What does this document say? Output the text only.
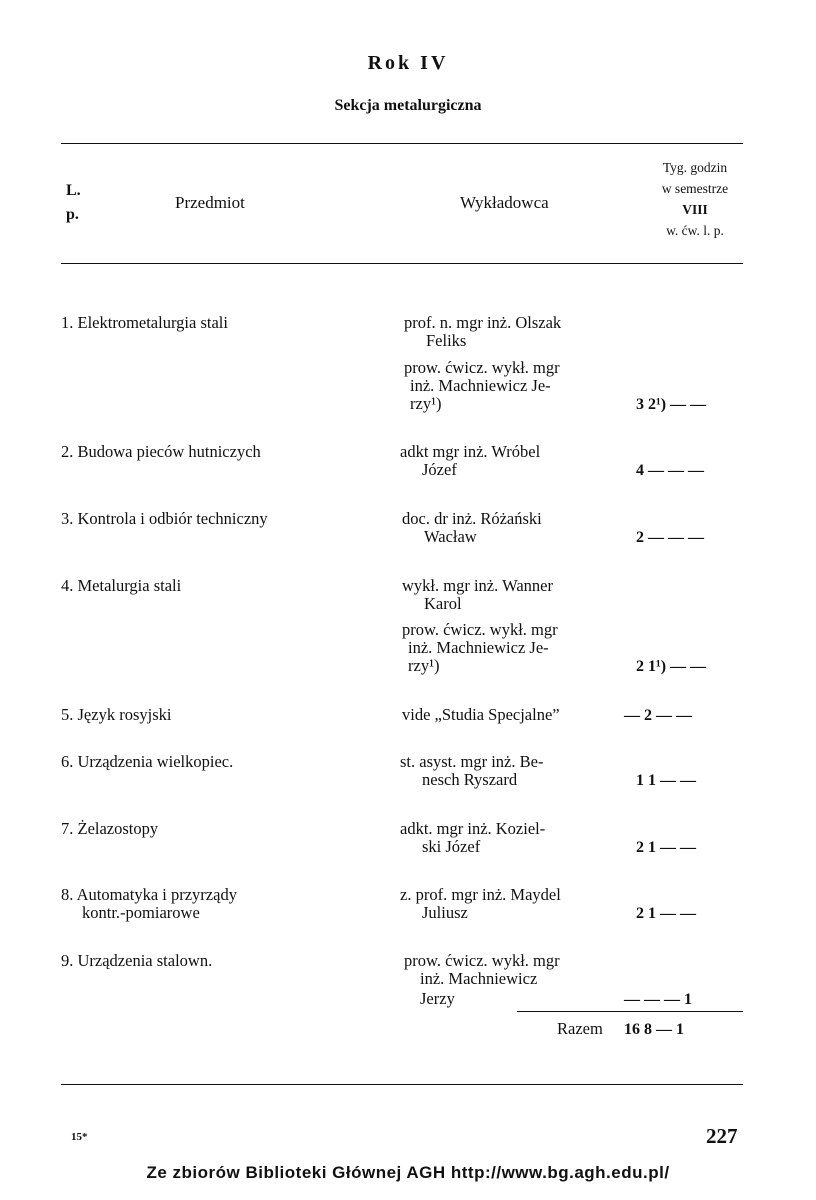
Rok IV
Sekcja metalurgiczna
L.
p.
Przedmiot	Wykładowca
Tyg. godzin
w semestrze
VIII
w. ćw. l. p.
1. Elektrometalurgia stali	prof. n. mgr inż. Olszak
Feliks
prow. ćwicz. wykł. mgr
inż. Machniewicz Je-
rzy¹)	3 2¹) — —
2. Budowa pieców hutniczych	adkt mgr inż. Wróbel
Józef	4 — — —
3. Kontrola i odbiór techniczny	doc. dr inż. Różański
Wacław	2 — — —
4. Metalurgia stali	wykł. mgr inż. Wanner
Karol
prow. ćwicz. wykł. mgr
inż. Machniewicz Je-
rzy¹)	2 1¹) — —
5. Język rosyjski	vide „Studia Specjalne”	— 2 — —
6. Urządzenia wielkopiec.	st. asyst. mgr inż. Be-
nesch Ryszard	1 1 — —
7. Żelazostopy	adkt. mgr inż. Koziel-
ski Józef	2 1 — —
8. Automatyka i przyrządy
kontr.-pomiarowe
z. prof. mgr inż. Maydel
Juliusz	2 1 — —
9. Urządzenia stalown.	prow. ćwicz. wykł. mgr
inż. Machniewicz
Jerzy	— — — 1
Razem 16 8 — 1
15*	227
Ze zbiorów Biblioteki Głównej AGH http://www.bg.agh.edu.pl/
